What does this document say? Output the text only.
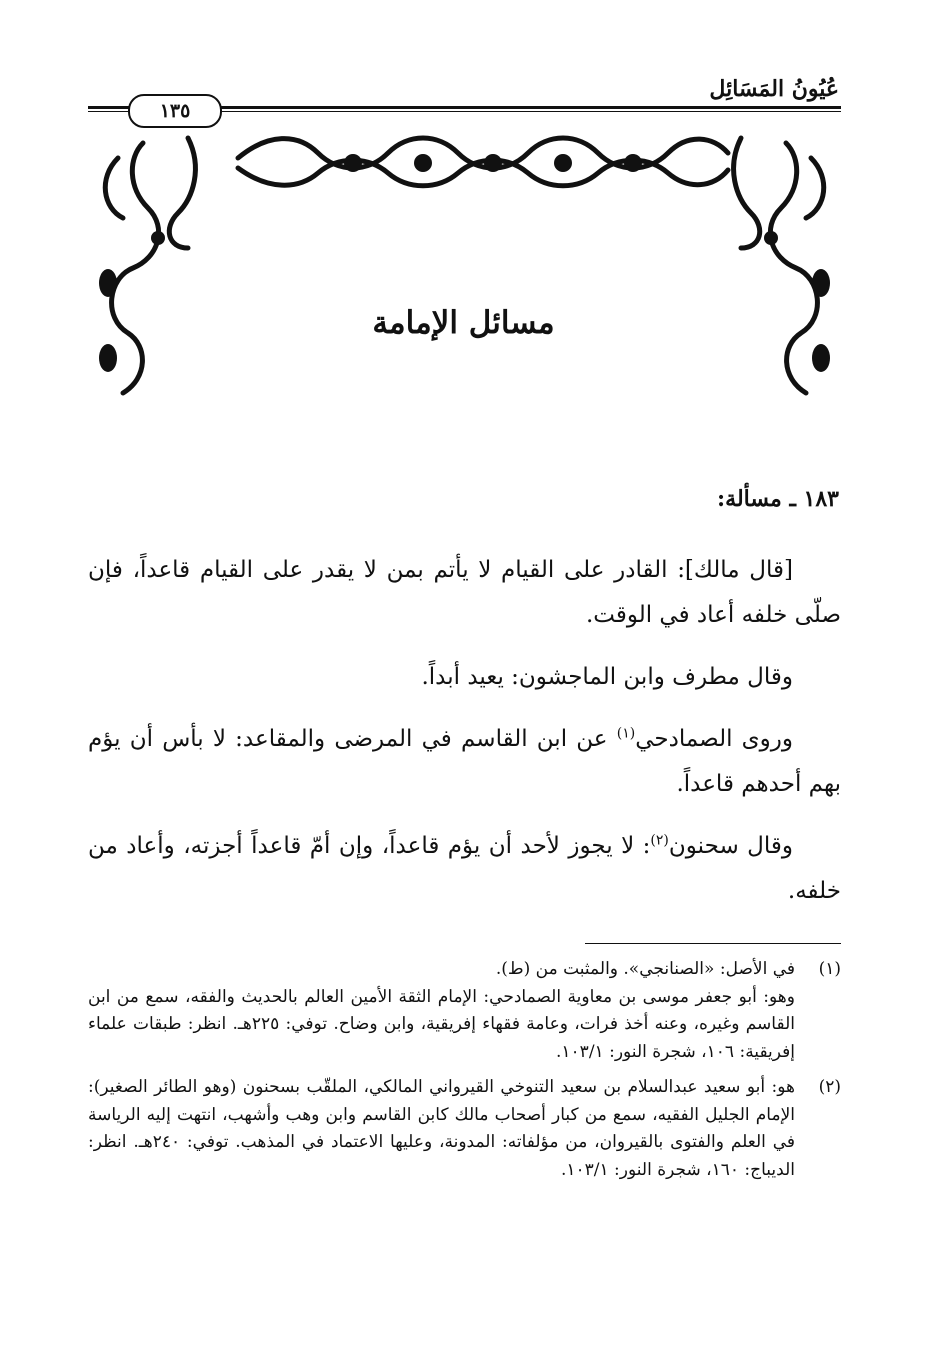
عُيُونُ المَسَائِل
١٣٥
مسائل الإمامة
١٨٣ ـ مسألة:

[قال مالك]: القادر على القيام لا يأتم بمن لا يقدر على القيام قاعداً، فإن صلّى خلفه أعاد في الوقت.

وقال مطرف وابن الماجشون: يعيد أبداً.

وروى الصمادحي$^{(١)}$ عن ابن القاسم في المرضى والمقاعد: لا بأس أن يؤم بهم أحدهم قاعداً.

وقال سحنون$^{(٢)}$: لا يجوز لأحد أن يؤم قاعداً، وإن أمّ قاعداً أجزته، وأعاد من خلفه.

(١)

في الأصل: «الصنانجي». والمثبت من (ط).

وهو: أبو جعفر موسى بن معاوية الصمادحي: الإمام الثقة الأمين العالم بالحديث والفقه، سمع من ابن القاسم وغيره، وعنه أخذ فرات، وعامة فقهاء إفريقية، وابن وضاح. توفي: ٢٢٥هـ. انظر: طبقات علماء إفريقية: ١٠٦، شجرة النور: ١٠٣/١.

(٢)

هو: أبو سعيد عبدالسلام بن سعيد التنوخي القيرواني المالكي، الملقّب بسحنون (وهو الطائر الصغير): الإمام الجليل الفقيه، سمع من كبار أصحاب مالك كابن القاسم وابن وهب وأشهب، انتهت إليه الرياسة في العلم والفتوى بالقيروان، من مؤلفاته: المدونة، وعليها الاعتماد في المذهب. توفي: ٢٤٠هـ. انظر: الديباج: ١٦٠، شجرة النور: ١٠٣/١.
